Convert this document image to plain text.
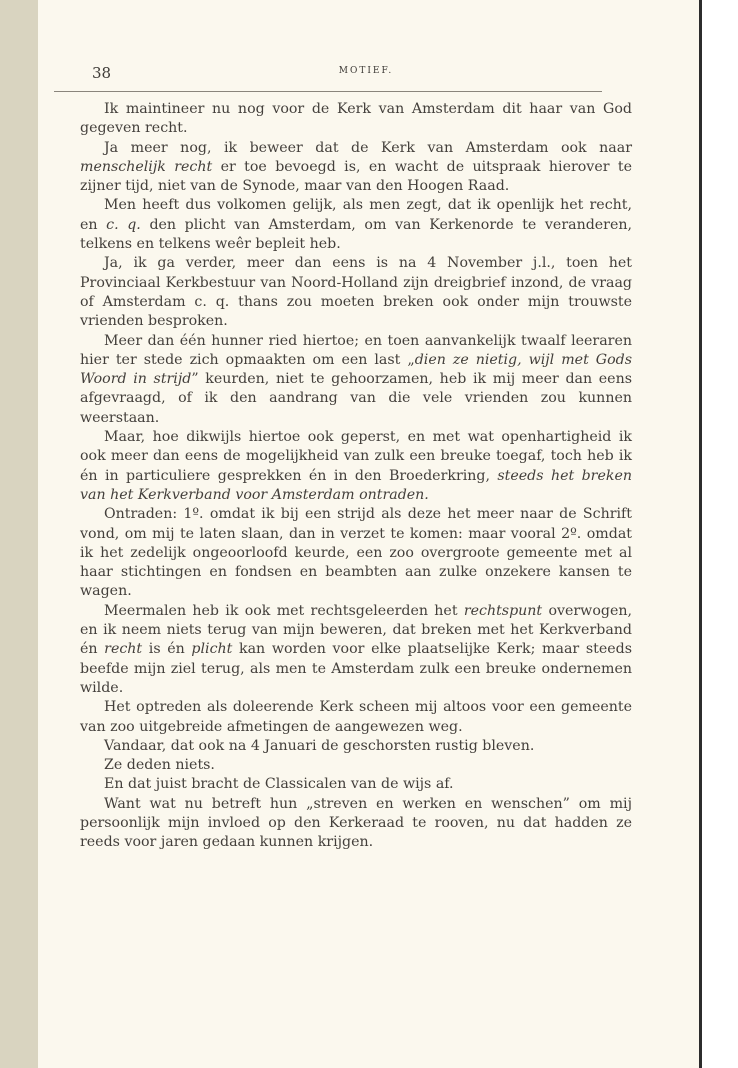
38	MOTIEF.

Ik maintineer nu nog voor de Kerk van Amsterdam dit haar van God gegeven recht.

Ja meer nog, ik beweer dat de Kerk van Amsterdam ook naar menschelijk recht er toe bevoegd is, en wacht de uitspraak hierover te zijner tijd, niet van de Synode, maar van den Hoogen Raad.

Men heeft dus volkomen gelijk, als men zegt, dat ik openlijk het recht, en c. q. den plicht van Amsterdam, om van Kerkenorde te veranderen, telkens en telkens weêr bepleit heb.

Ja, ik ga verder, meer dan eens is na 4 November j.l., toen het Provinciaal Kerkbestuur van Noord-Holland zijn dreigbrief inzond, de vraag of Amsterdam c. q. thans zou moeten breken ook onder mijn trouwste vrienden besproken.

Meer dan één hunner ried hiertoe; en toen aanvankelijk twaalf leeraren hier ter stede zich opmaakten om een last „dien ze nietig, wijl met Gods Woord in strijd” keurden, niet te gehoorzamen, heb ik mij meer dan eens afgevraagd, of ik den aandrang van die vele vrienden zou kunnen weerstaan.

Maar, hoe dikwijls hiertoe ook geperst, en met wat openhartigheid ik ook meer dan eens de mogelijkheid van zulk een breuke toegaf, toch heb ik én in particuliere gesprekken én in den Broederkring, steeds het breken van het Kerkverband voor Amsterdam ontraden.

Ontraden: 1º. omdat ik bij een strijd als deze het meer naar de Schrift vond, om mij te laten slaan, dan in verzet te komen: maar vooral 2º. omdat ik het zedelijk ongeoorloofd keurde, een zoo overgroote gemeente met al haar stichtingen en fondsen en beambten aan zulke onzekere kansen te wagen.

Meermalen heb ik ook met rechtsgeleerden het rechtspunt overwogen, en ik neem niets terug van mijn beweren, dat breken met het Kerkverband én recht is én plicht kan worden voor elke plaatselijke Kerk; maar steeds beefde mijn ziel terug, als men te Amsterdam zulk een breuke ondernemen wilde.

Het optreden als doleerende Kerk scheen mij altoos voor een gemeente van zoo uitgebreide afmetingen de aangewezen weg.

Vandaar, dat ook na 4 Januari de geschorsten rustig bleven.

Ze deden niets.

En dat juist bracht de Classicalen van de wijs af.

Want wat nu betreft hun „streven en werken en wenschen” om mij persoonlijk mijn invloed op den Kerkeraad te rooven, nu dat hadden ze reeds voor jaren gedaan kunnen krijgen.
